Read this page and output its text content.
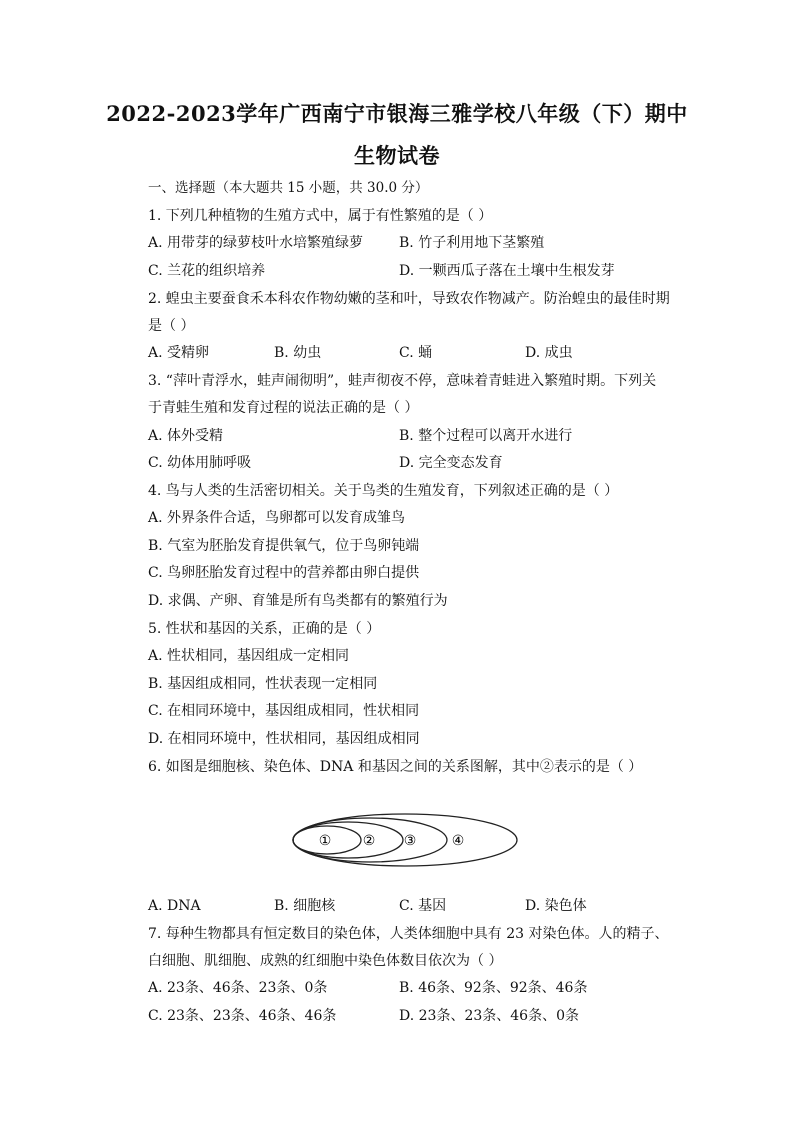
2022-2023学年广西南宁市银海三雅学校八年级（下）期中
生物试卷
一、选择题（本大题共 15 小题，共 30.0 分）
1. 下列几种植物的生殖方式中，属于有性繁殖的是（ ）
A. 用带芽的绿萝枝叶水培繁殖绿萝	B. 竹子利用地下茎繁殖
C. 兰花的组织培养	D. 一颗西瓜子落在土壤中生根发芽
2. 蝗虫主要蚕食禾本科农作物幼嫩的茎和叶，导致农作物减产。防治蝗虫的最佳时期
是（ ）
A. 受精卵	B. 幼虫	C. 蛹	D. 成虫
3. “萍叶青浮水，蛙声闹彻明”，蛙声彻夜不停，意味着青蛙进入繁殖时期。下列关
于青蛙生殖和发育过程的说法正确的是（ ）
A. 体外受精	B. 整个过程可以离开水进行
C. 幼体用肺呼吸	D. 完全变态发育
4. 鸟与人类的生活密切相关。关于鸟类的生殖发育，下列叙述正确的是（ ）
A. 外界条件合适，鸟卵都可以发育成雏鸟
B. 气室为胚胎发育提供氧气，位于鸟卵钝端
C. 鸟卵胚胎发育过程中的营养都由卵白提供
D. 求偶、产卵、育雏是所有鸟类都有的繁殖行为
5. 性状和基因的关系，正确的是（ ）
A. 性状相同，基因组成一定相同
B. 基因组成相同，性状表现一定相同
C. 在相同环境中，基因组成相同，性状相同
D. 在相同环境中，性状相同，基因组成相同
6. 如图是细胞核、染色体、DNA 和基因之间的关系图解，其中②表示的是（ ）
① ② ③	④
A. DNA	B. 细胞核	C. 基因	D. 染色体
7. 每种生物都具有恒定数目的染色体，人类体细胞中具有 23 对染色体。人的精子、
白细胞、肌细胞、成熟的红细胞中染色体数目依次为（ ）
A. 23条、46条、23条、0条	B. 46条、92条、92条、46条
C. 23条、23条、46条、46条	D. 23条、23条、46条、0条
